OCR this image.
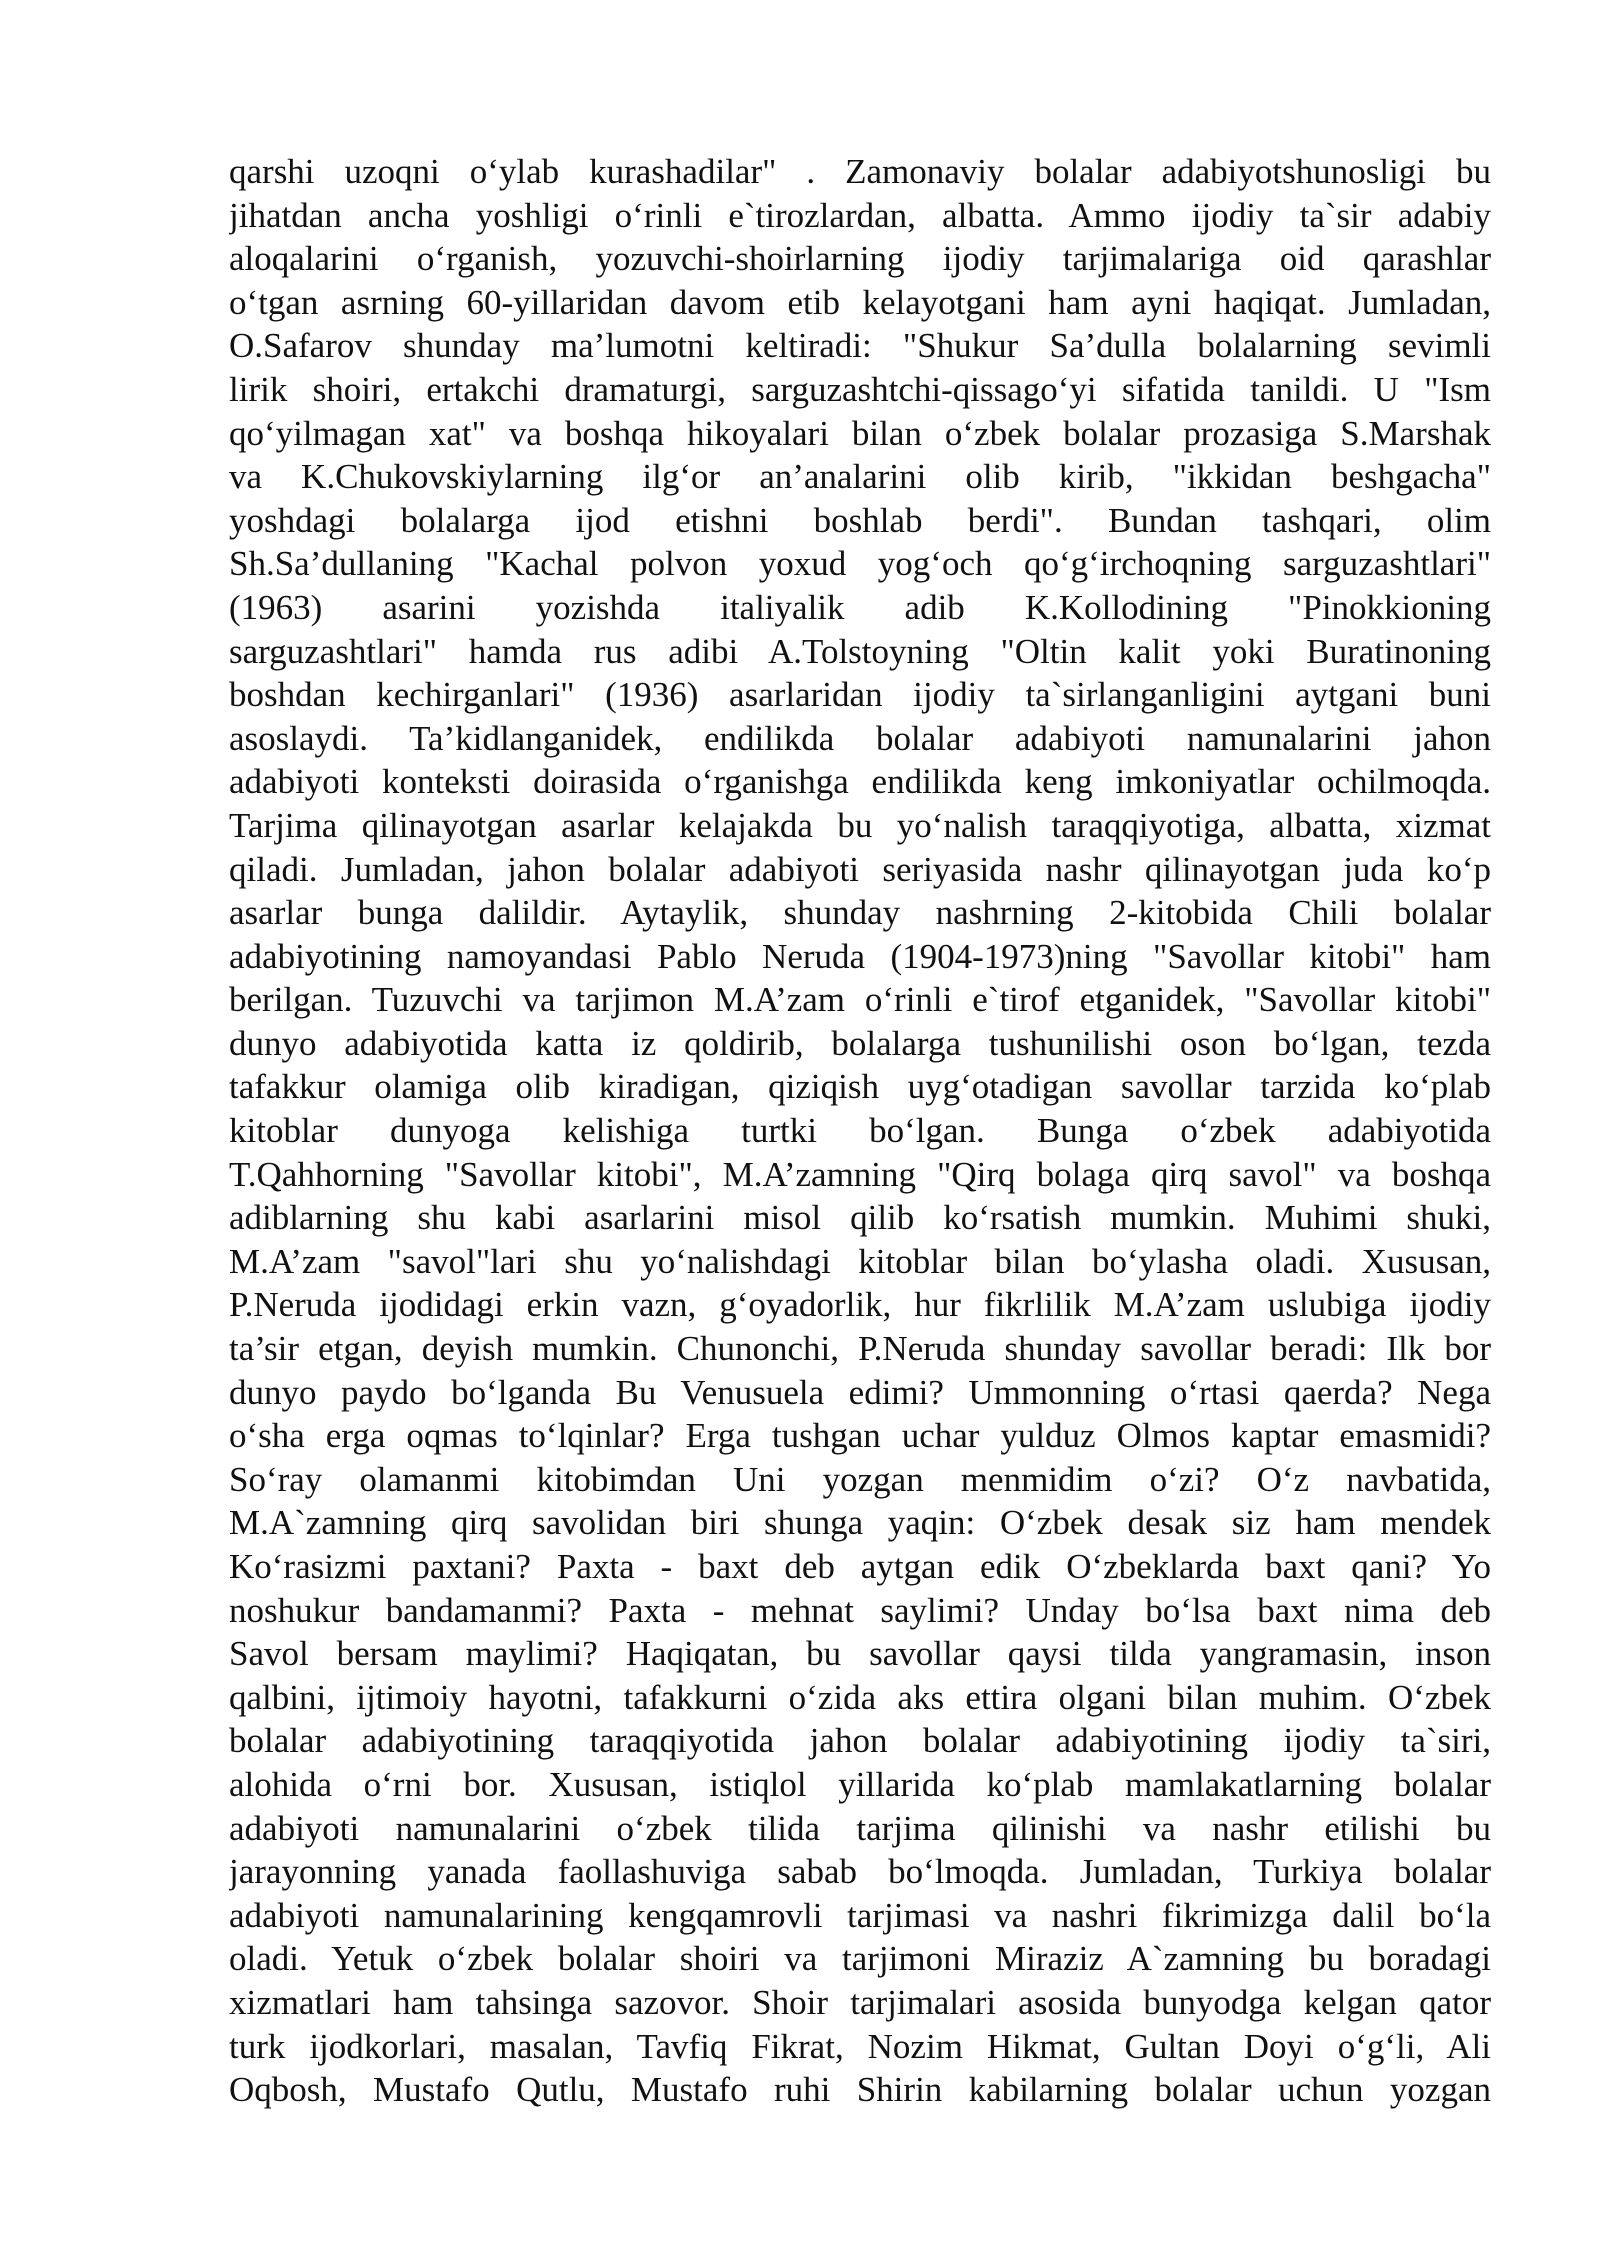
qarshi uzoqni o‘ylab kurashadilar" . Zamonaviy bolalar adabiyotshunosligi bu
jihatdan ancha yoshligi o‘rinli e`tirozlardan, albatta. Ammo ijodiy ta`sir adabiy
aloqalarini o‘rganish, yozuvchi-shoirlarning ijodiy tarjimalariga oid qarashlar
o‘tgan asrning 60-yillaridan davom etib kelayotgani ham ayni haqiqat. Jumladan,
O.Safarov shunday ma’lumotni keltiradi: "Shukur Sa’dulla bolalarning sevimli
lirik shoiri, ertakchi dramaturgi, sarguzashtchi-qissago‘yi sifatida tanildi. U "Ism
qo‘yilmagan xat" va boshqa hikoyalari bilan o‘zbek bolalar prozasiga S.Marshak
va K.Chukovskiylarning ilg‘or an’analarini olib kirib, "ikkidan beshgacha"
yoshdagi bolalarga ijod etishni boshlab berdi". Bundan tashqari, olim
Sh.Sa’dullaning "Kachal polvon yoxud yog‘och qo‘g‘irchoqning sarguzashtlari"
(1963) asarini yozishda italiyalik adib K.Kollodining "Pinokkioning
sarguzashtlari" hamda rus adibi A.Tolstoyning "Oltin kalit yoki Buratinoning
boshdan kechirganlari" (1936) asarlaridan ijodiy ta`sirlanganligini aytgani buni
asoslaydi. Ta’kidlanganidek, endilikda bolalar adabiyoti namunalarini jahon
adabiyoti konteksti doirasida o‘rganishga endilikda keng imkoniyatlar ochilmoqda.
Tarjima qilinayotgan asarlar kelajakda bu yo‘nalish taraqqiyotiga, albatta, xizmat
qiladi. Jumladan, jahon bolalar adabiyoti seriyasida nashr qilinayotgan juda ko‘p
asarlar bunga dalildir. Aytaylik, shunday nashrning 2-kitobida Chili bolalar
adabiyotining namoyandasi Pablo Neruda (1904-1973)ning "Savollar kitobi" ham
berilgan. Tuzuvchi va tarjimon M.A’zam o‘rinli e`tirof etganidek, "Savollar kitobi"
dunyo adabiyotida katta iz qoldirib, bolalarga tushunilishi oson bo‘lgan, tezda
tafakkur olamiga olib kiradigan, qiziqish uyg‘otadigan savollar tarzida ko‘plab
kitoblar dunyoga kelishiga turtki bo‘lgan. Bunga o‘zbek adabiyotida
T.Qahhorning "Savollar kitobi", M.A’zamning "Qirq bolaga qirq savol" va boshqa
adiblarning shu kabi asarlarini misol qilib ko‘rsatish mumkin. Muhimi shuki,
M.A’zam "savol"lari shu yo‘nalishdagi kitoblar bilan bo‘ylasha oladi. Xususan,
P.Neruda ijodidagi erkin vazn, g‘oyadorlik, hur fikrlilik M.A’zam uslubiga ijodiy
ta’sir etgan, deyish mumkin. Chunonchi, P.Neruda shunday savollar beradi: Ilk bor
dunyo paydo bo‘lganda Bu Venusuela edimi? Ummonning o‘rtasi qaerda? Nega
o‘sha erga oqmas to‘lqinlar? Erga tushgan uchar yulduz Olmos kaptar emasmidi?
So‘ray olamanmi kitobimdan Uni yozgan menmidim o‘zi? O‘z navbatida,
M.A`zamning qirq savolidan biri shunga yaqin: O‘zbek desak siz ham mendek
Ko‘rasizmi paxtani? Paxta - baxt deb aytgan edik O‘zbeklarda baxt qani? Yo
noshukur bandamanmi? Paxta - mehnat saylimi? Unday bo‘lsa baxt nima deb
Savol bersam maylimi? Haqiqatan, bu savollar qaysi tilda yangramasin, inson
qalbini, ijtimoiy hayotni, tafakkurni o‘zida aks ettira olgani bilan muhim. O‘zbek
bolalar adabiyotining taraqqiyotida jahon bolalar adabiyotining ijodiy ta`siri,
alohida o‘rni bor. Xususan, istiqlol yillarida ko‘plab mamlakatlarning bolalar
adabiyoti namunalarini o‘zbek tilida tarjima qilinishi va nashr etilishi bu
jarayonning yanada faollashuviga sabab bo‘lmoqda. Jumladan, Turkiya bolalar
adabiyoti namunalarining kengqamrovli tarjimasi va nashri fikrimizga dalil bo‘la
oladi. Yetuk o‘zbek bolalar shoiri va tarjimoni Miraziz A`zamning bu boradagi
xizmatlari ham tahsinga sazovor. Shoir tarjimalari asosida bunyodga kelgan qator
turk ijodkorlari, masalan, Tavfiq Fikrat, Nozim Hikmat, Gultan Doyi o‘g‘li, Ali
Oqbosh, Mustafo Qutlu, Mustafo ruhi Shirin kabilarning bolalar uchun yozgan
